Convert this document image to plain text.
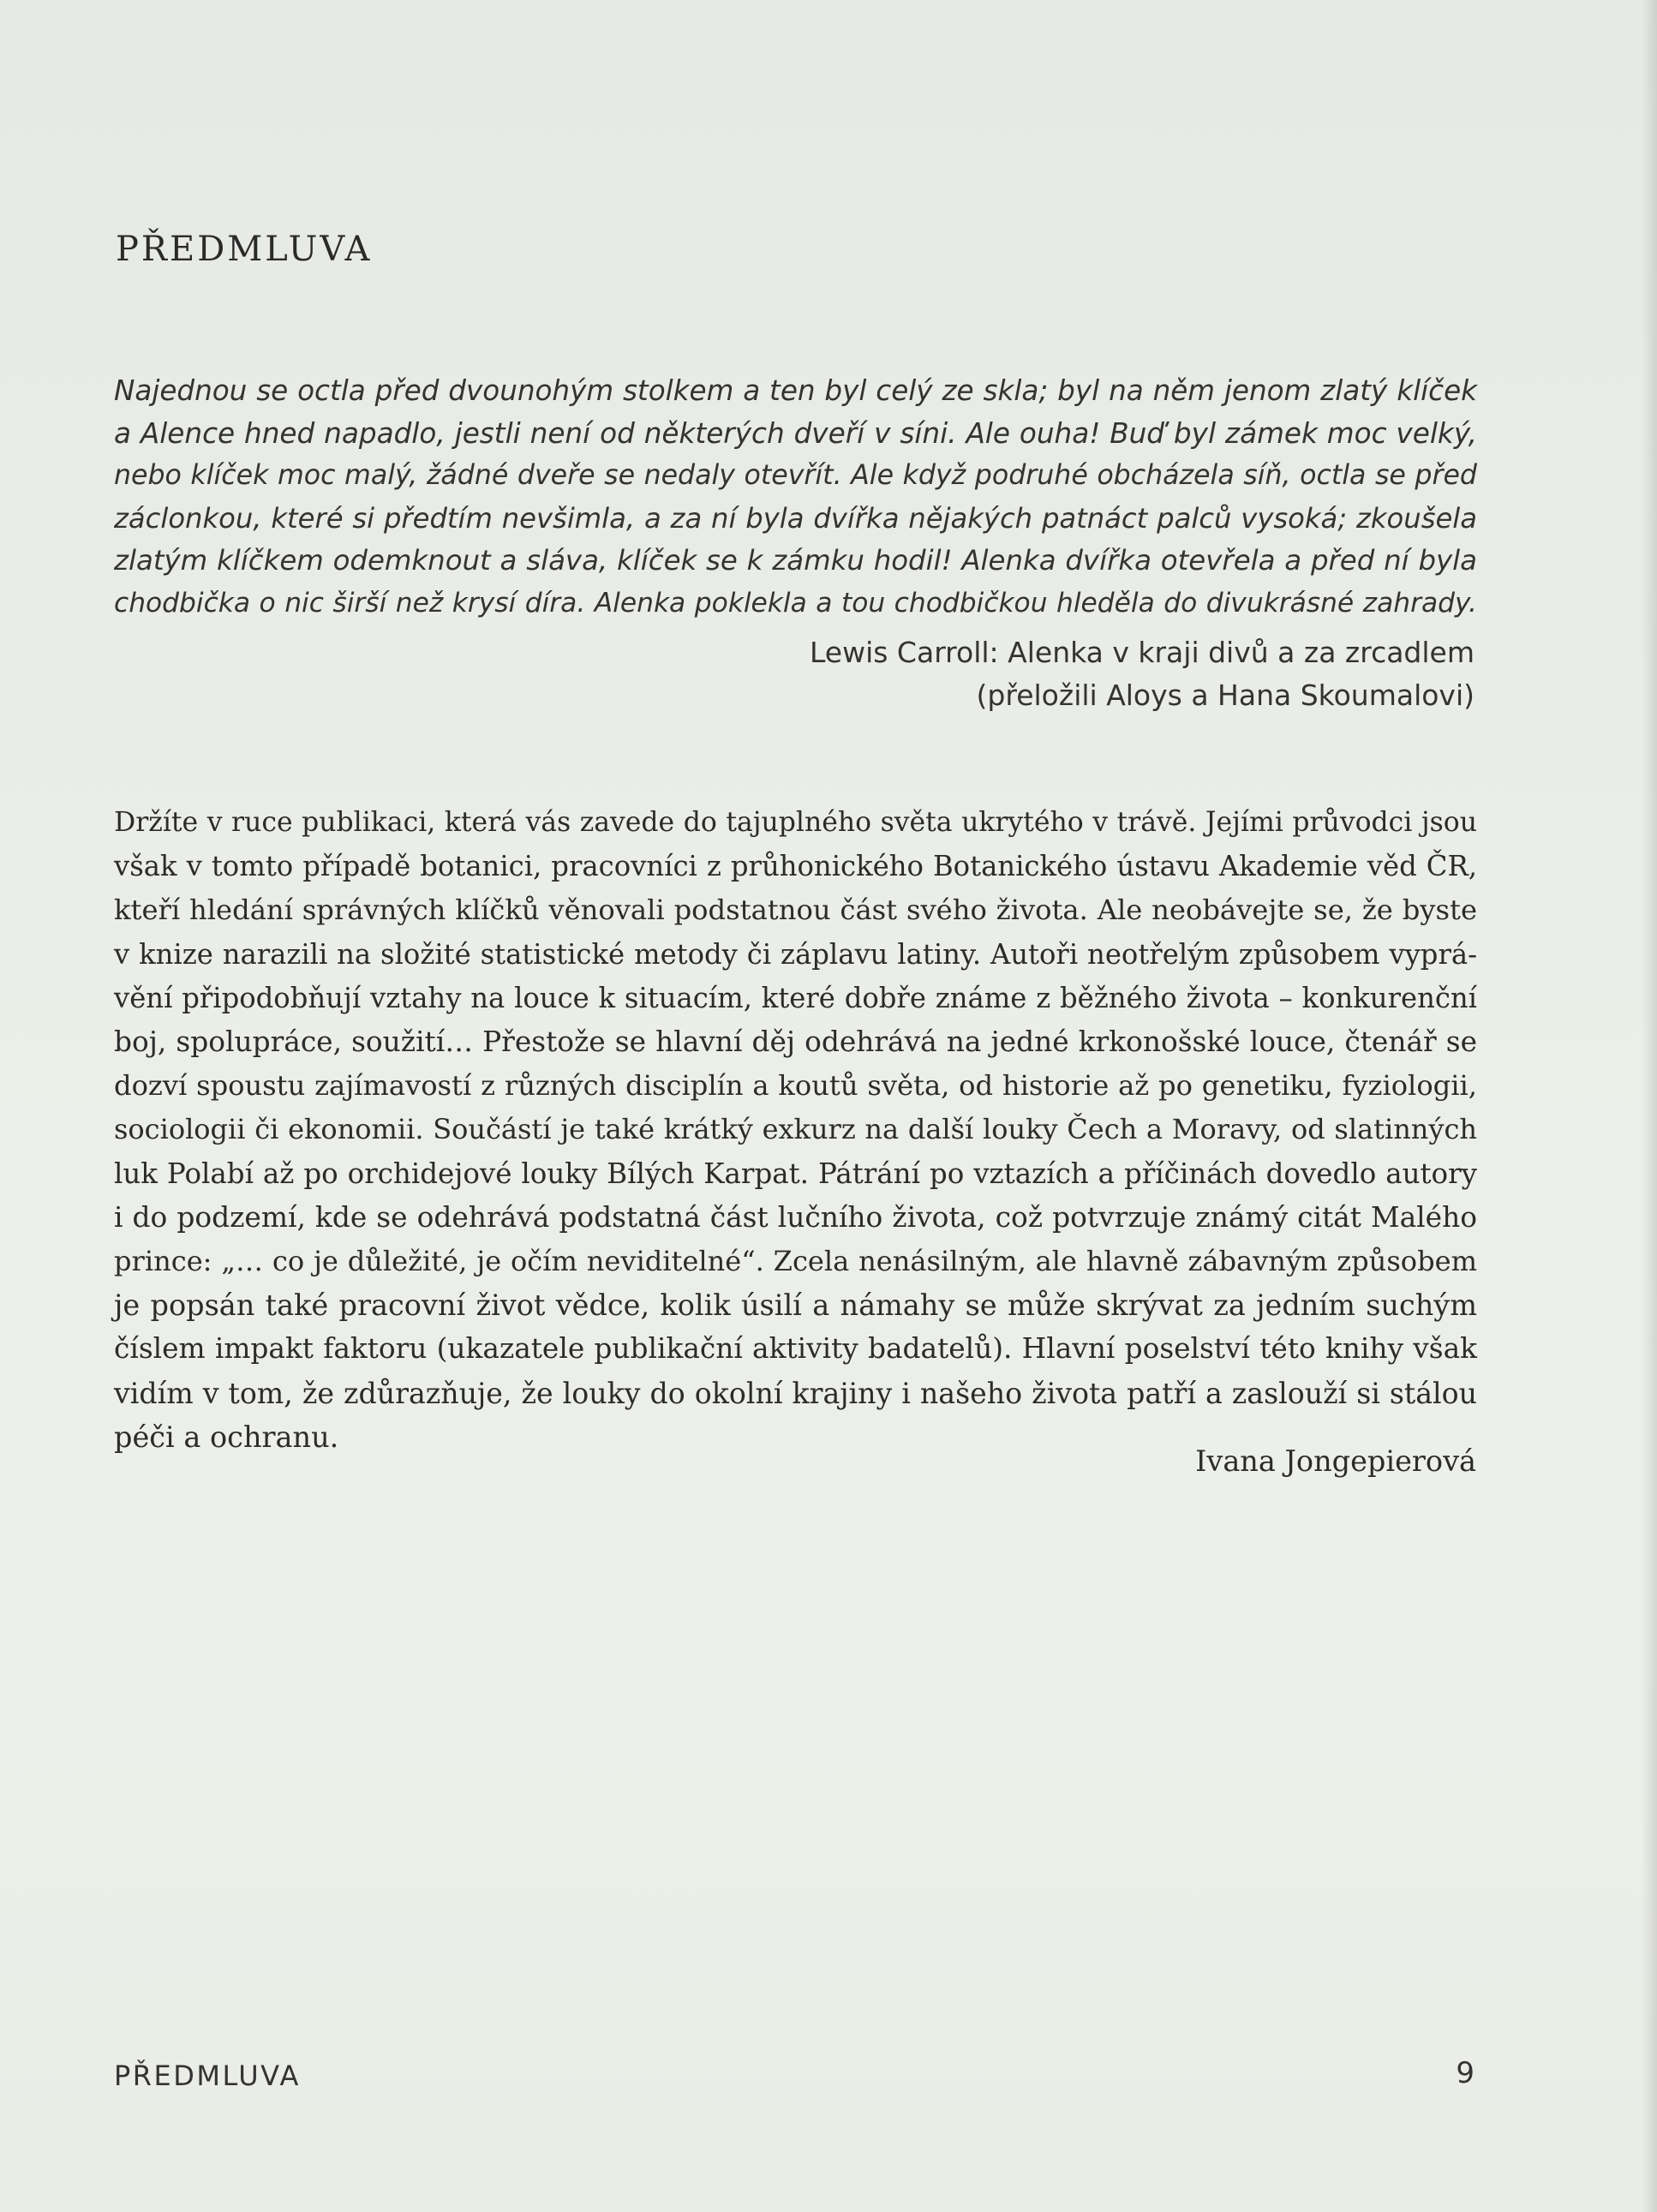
PŘEDMLUVA
Najednou se octla před dvounohým stolkem a ten byl celý ze skla; byl na něm jenom zlatý klíček
a Alence hned napadlo, jestli není od některých dveří v síni. Ale ouha! Buď byl zámek moc velký,
nebo klíček moc malý, žádné dveře se nedaly otevřít. Ale když podruhé obcházela síň, octla se před
záclonkou, které si předtím nevšimla, a za ní byla dvířka nějakých patnáct palců vysoká; zkoušela
zlatým klíčkem odemknout a sláva, klíček se k zámku hodil! Alenka dvířka otevřela a před ní byla
chodbička o nic širší než krysí díra. Alenka poklekla a tou chodbičkou hleděla do divukrásné zahrady.
Lewis Carroll: Alenka v kraji divů a za zrcadlem
(přeložili Aloys a Hana Skoumalovi)
Držíte v ruce publikaci, která vás zavede do tajuplného světa ukrytého v trávě. Jejími průvodci jsou
však v tomto případě botanici, pracovníci z průhonického Botanického ústavu Akademie věd ČR,
kteří hledání správných klíčků věnovali podstatnou část svého života. Ale neobávejte se, že byste
v knize narazili na složité statistické metody či záplavu latiny. Autoři neotřelým způsobem vyprá-
vění připodobňují vztahy na louce k situacím, které dobře známe z běžného života – konkurenční
boj, spolupráce, soužití… Přestože se hlavní děj odehrává na jedné krkonošské louce, čtenář se
dozví spoustu zajímavostí z různých disciplín a koutů světa, od historie až po genetiku, fyziologii,
sociologii či ekonomii. Součástí je také krátký exkurz na další louky Čech a Moravy, od slatinných
luk Polabí až po orchidejové louky Bílých Karpat. Pátrání po vztazích a příčinách dovedlo autory
i do podzemí, kde se odehrává podstatná část lučního života, což potvrzuje známý citát Malého
prince: „… co je důležité, je očím neviditelné“. Zcela nenásilným, ale hlavně zábavným způsobem
je popsán také pracovní život vědce, kolik úsilí a námahy se může skrývat za jedním suchým
číslem impakt faktoru (ukazatele publikační aktivity badatelů). Hlavní poselství této knihy však
vidím v tom, že zdůrazňuje, že louky do okolní krajiny i našeho života patří a zaslouží si stálou
péči a ochranu.
Ivana Jongepierová
PŘEDMLUVA	9
